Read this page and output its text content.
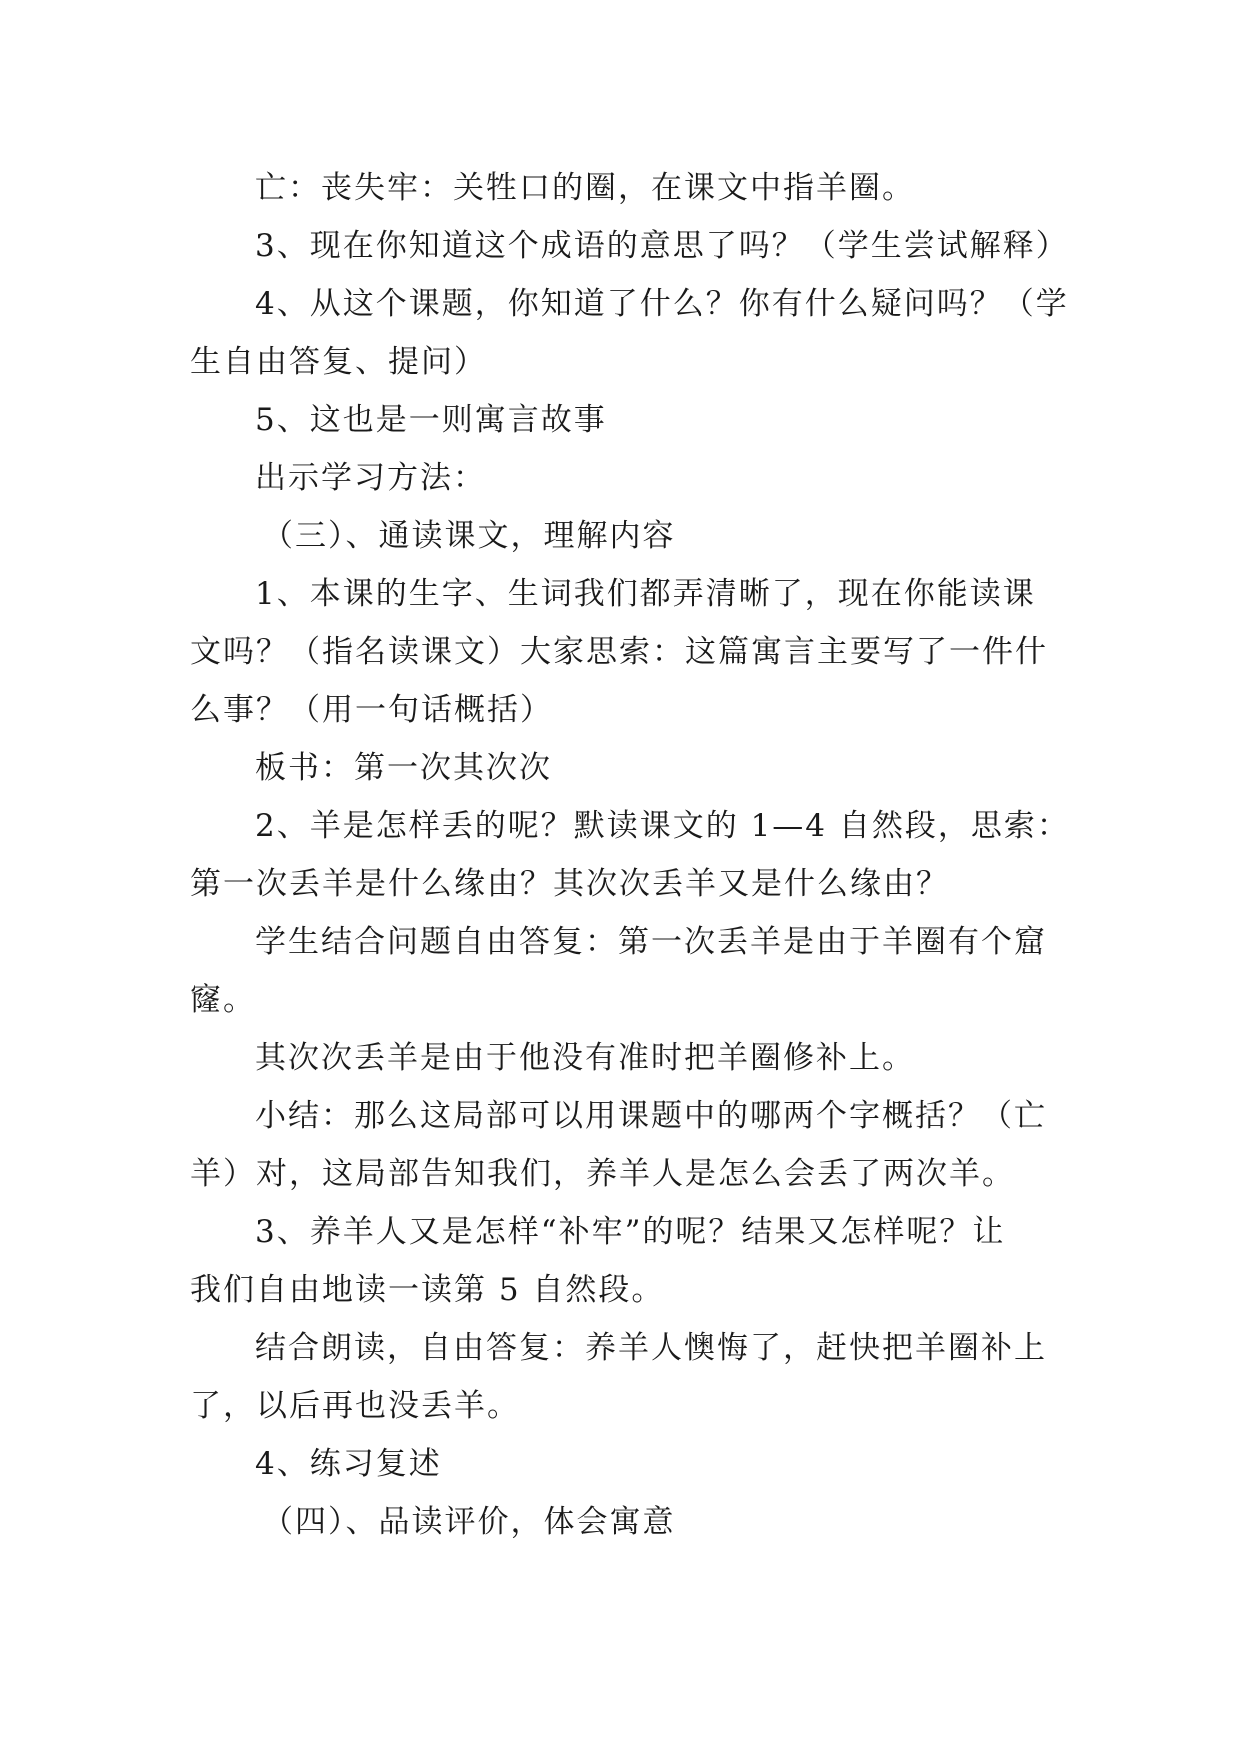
亡：丧失牢：关牲口的圈，在课文中指羊圈。
3、现在你知道这个成语的意思了吗？（学生尝试解释）
4、从这个课题，你知道了什么？你有什么疑问吗？（学
生自由答复、提问）
5、这也是一则寓言故事
出示学习方法：
（三）、通读课文，理解内容
1、本课的生字、生词我们都弄清晰了，现在你能读课
文吗？（指名读课文）大家思索：这篇寓言主要写了一件什
么事？（用一句话概括）
板书：第一次其次次
2、羊是怎样丢的呢？默读课文的 1—4 自然段，思索：
第一次丢羊是什么缘由？其次次丢羊又是什么缘由？
学生结合问题自由答复：第一次丢羊是由于羊圈有个窟
窿。
其次次丢羊是由于他没有准时把羊圈修补上。
小结：那么这局部可以用课题中的哪两个字概括？（亡
羊）对，这局部告知我们，养羊人是怎么会丢了两次羊。
3、养羊人又是怎样“补牢”的呢？结果又怎样呢？让
我们自由地读一读第 5 自然段。
结合朗读，自由答复：养羊人懊悔了，赶快把羊圈补上
了，以后再也没丢羊。
4、练习复述
（四）、品读评价，体会寓意
